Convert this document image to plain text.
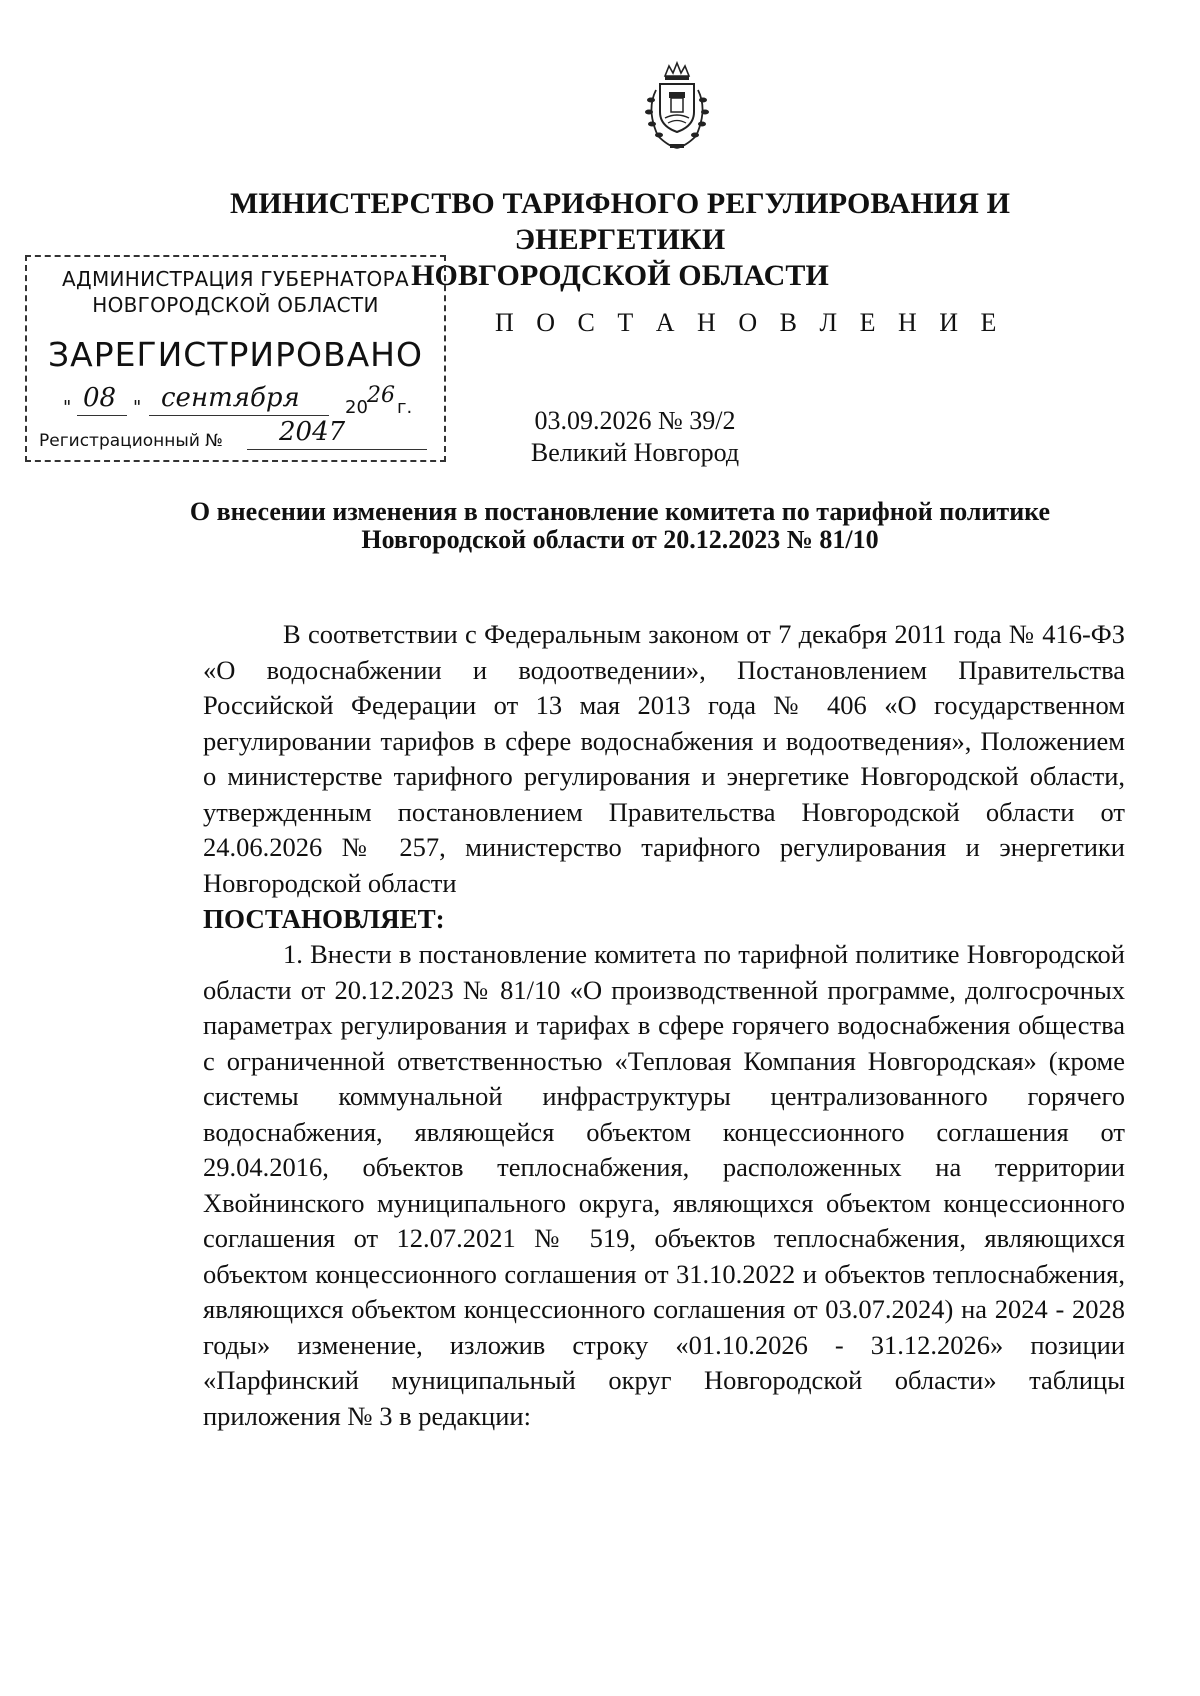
МИНИСТЕРСТВО ТАРИФНОГО РЕГУЛИРОВАНИЯ И ЭНЕРГЕТИКИ
НОВГОРОДСКОЙ ОБЛАСТИ
АДМИНИСТРАЦИЯ ГУБЕРНАТОРА
НОВГОРОДСКОЙ ОБЛАСТИ
ЗАРЕГИСТРИРОВАНО
" 08 " сентября	20 26 г.
Регистрационный № 2047
П О С Т А Н О В Л Е Н И Е
03.09.2026 № 39/2
Великий Новгород
О внесении изменения в постановление комитета по тарифной политике
Новгородской области от 20.12.2023 № 81/10

В соответствии с Федеральным законом от 7 декабря 2011 года № 416-ФЗ «О водоснабжении и водоотведении», Постановлением Правительства Российской Федерации от 13 мая 2013 года № 406 «О государственном регулировании тарифов в сфере водоснабжения и водоотведения», Положением о министерстве тарифного регулирования и энергетике Новгородской области, утвержденным постановлением Правительства Новгородской области от 24.06.2026 № 257, министерство тарифного регулирования и энергетики Новгородской области

ПОСТАНОВЛЯЕТ:

1. Внести в постановление комитета по тарифной политике Новгородской области от 20.12.2023 № 81/10 «О производственной программе, долгосрочных параметрах регулирования и тарифах в сфере горячего водоснабжения общества с ограниченной ответственностью «Тепловая Компания Новгородская» (кроме системы коммунальной инфраструктуры централизованного горячего водоснабжения, являющейся объектом концессионного соглашения от 29.04.2016, объектов теплоснабжения, расположенных на территории Хвойнинского муниципального округа, являющихся объектом концессионного соглашения от 12.07.2021 № 519, объектов теплоснабжения, являющихся объектом концессионного соглашения от 31.10.2022 и объектов теплоснабжения, являющихся объектом концессионного соглашения от 03.07.2024) на 2024 - 2028 годы» изменение, изложив строку «01.10.2026 - 31.12.2026» позиции «Парфинский муниципальный округ Новгородской области» таблицы приложения № 3 в редакции:
